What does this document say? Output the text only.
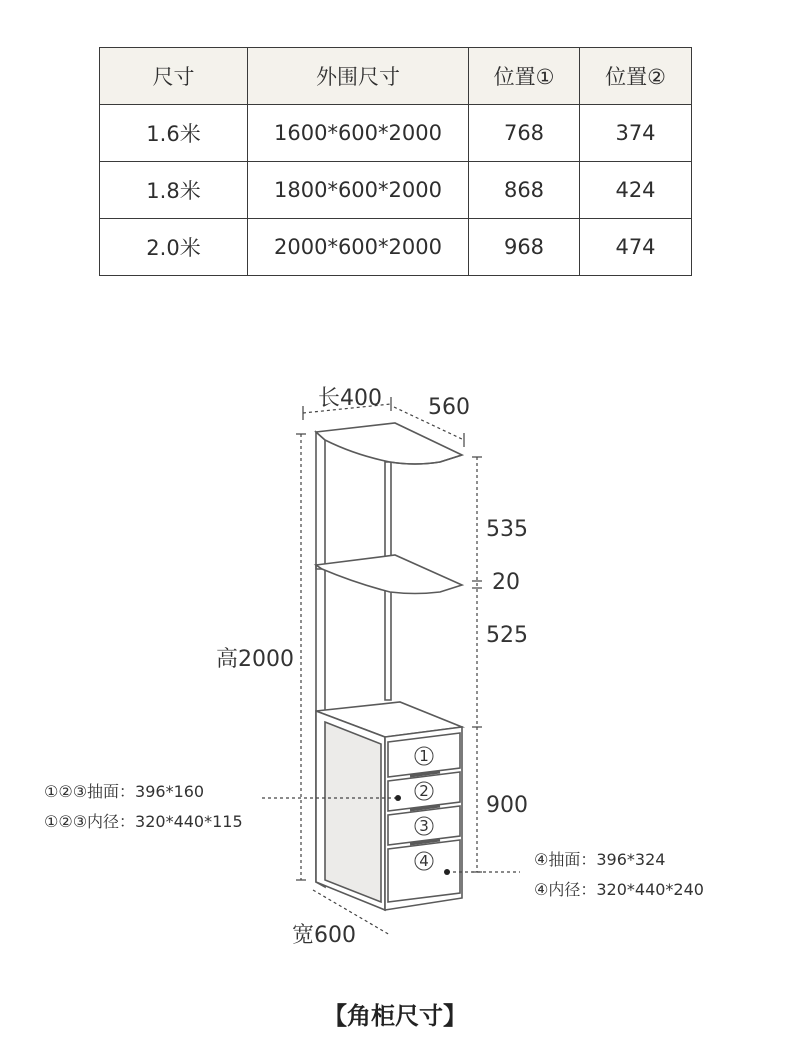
尺寸	外围尺寸	位置①	位置②
1.6米	1600*600*2000	768	374
1.8米	1800*600*2000	868	424
2.0米	2000*600*2000	968	474
1
2
3
4
长400 560
高2000
宽600
535
20
525
900
①②③抽面：396*160
①②③内径：320*440*115
④抽面：396*324
④内径：320*440*240
【角柜尺寸】
